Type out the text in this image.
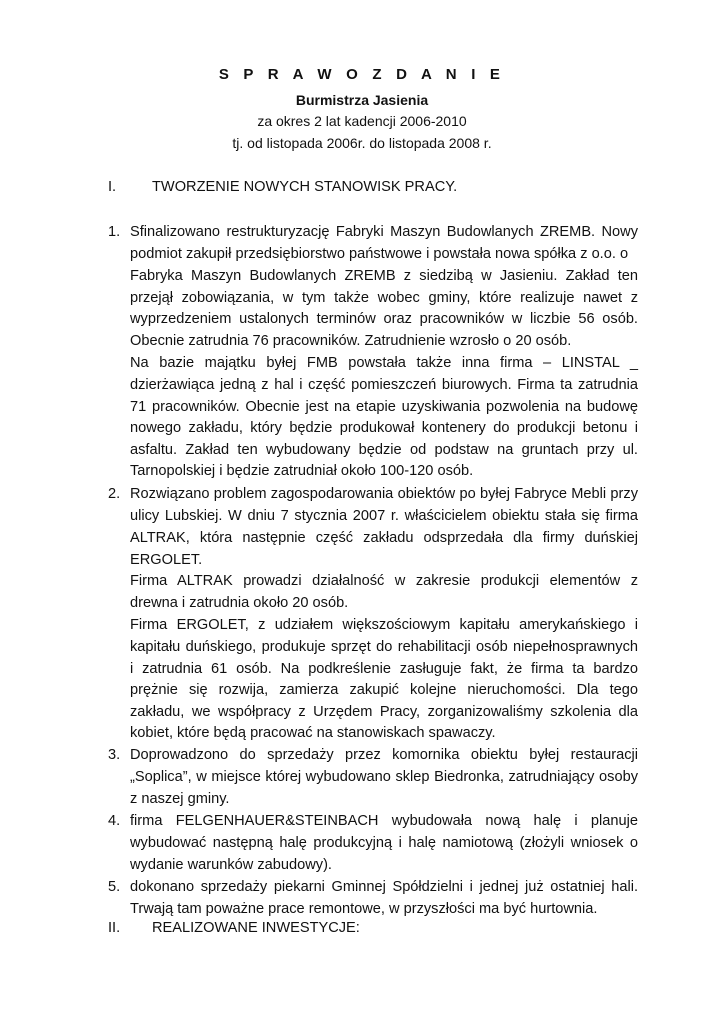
S P R A W O Z D A N I E
Burmistrza Jasienia
za okres 2 lat kadencji 2006-2010
tj. od listopada 2006r. do listopada 2008 r.
I. TWORZENIE NOWYCH STANOWISK PRACY.
1. Sfinalizowano restrukturyzację Fabryki Maszyn Budowlanych ZREMB. Nowy
podmiot zakupił przedsiębiorstwo państwowe i powstała nowa spółka z o.o. o
Fabryka Maszyn Budowlanych ZREMB z siedzibą w Jasieniu. Zakład ten
przejął zobowiązania, w tym także wobec gminy, które realizuje nawet z
wyprzedzeniem ustalonych terminów oraz pracowników w liczbie 56 osób.
Obecnie zatrudnia 76 pracowników. Zatrudnienie wzrosło o 20 osób.
Na bazie majątku byłej FMB powstała także inna firma – LINSTAL _
dzierżawiąca jedną z hal i część pomieszczeń biurowych. Firma ta zatrudnia
71 pracowników. Obecnie jest na etapie uzyskiwania pozwolenia na budowę
nowego zakładu, który będzie produkował kontenery do produkcji betonu i
asfaltu. Zakład ten wybudowany będzie od podstaw na gruntach przy ul.
Tarnopolskiej i będzie zatrudniał około 100-120 osób.
2. Rozwiązano problem zagospodarowania obiektów po byłej Fabryce Mebli przy
ulicy Lubskiej. W dniu 7 stycznia 2007 r. właścicielem obiektu stała się firma
ALTRAK, która następnie część zakładu odsprzedała dla firmy duńskiej
ERGOLET.
Firma ALTRAK prowadzi działalność w zakresie produkcji elementów z
drewna i zatrudnia około 20 osób.
Firma ERGOLET, z udziałem większościowym kapitału amerykańskiego i
kapitału duńskiego, produkuje sprzęt do rehabilitacji osób niepełnosprawnych
i zatrudnia 61 osób. Na podkreślenie zasługuje fakt, że firma ta bardzo
prężnie się rozwija, zamierza zakupić kolejne nieruchomości. Dla tego
zakładu, we współpracy z Urzędem Pracy, zorganizowaliśmy szkolenia dla
kobiet, które będą pracować na stanowiskach spawaczy.
3. Doprowadzono do sprzedaży przez komornika obiektu byłej restauracji
„Soplica”, w miejsce której wybudowano sklep Biedronka, zatrudniający osoby
z naszej gminy.
4. firma FELGENHAUER&STEINBACH wybudowała nową halę i planuje
wybudować następną halę produkcyjną i halę namiotową (złożyli wniosek o
wydanie warunków zabudowy).
5. dokonano sprzedaży piekarni Gminnej Spółdzielni i jednej już ostatniej hali.
Trwają tam poważne prace remontowe, w przyszłości ma być hurtownia.
II. REALIZOWANE INWESTYCJE:
